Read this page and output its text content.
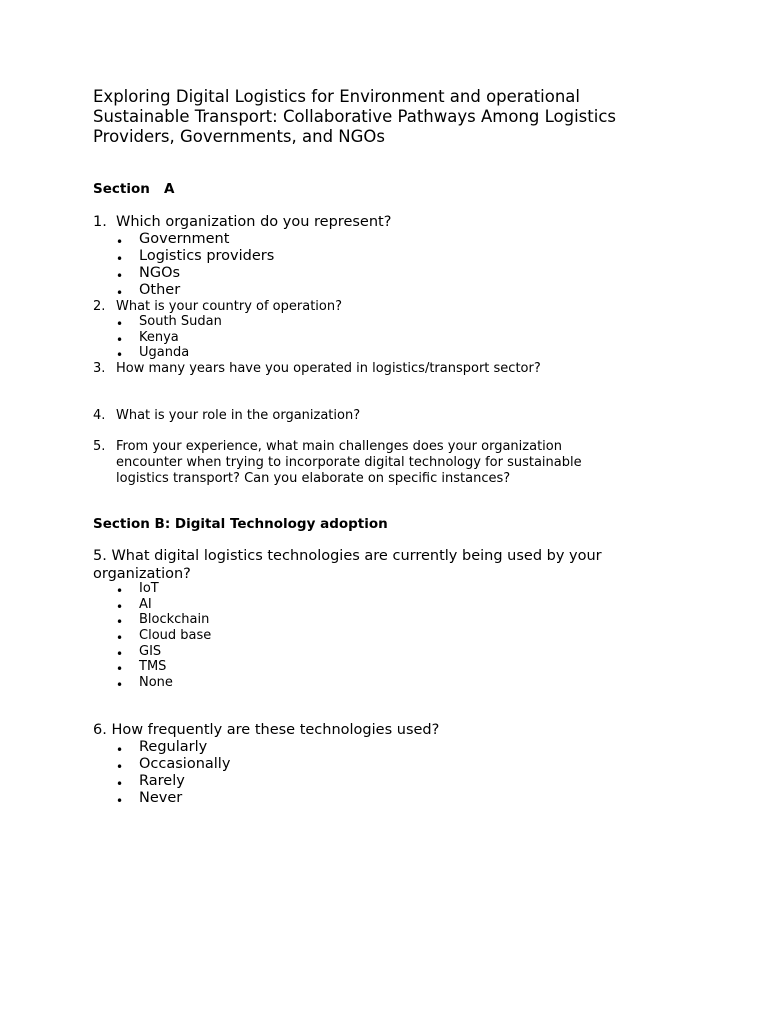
Exploring Digital Logistics for Environment and operational
Sustainable Transport: Collaborative Pathways Among Logistics
Providers, Governments, and NGOs
Section   A
1. Which organization do you represent?
• Government
• Logistics providers
• NGOs
• Other
2. What is your country of operation?
• South Sudan
• Kenya
• Uganda
3. How many years have you operated in logistics/transport sector?
4. What is your role in the organization?
5. From your experience, what main challenges does your organization
encounter when trying to incorporate digital technology for sustainable
logistics transport? Can you elaborate on specific instances?
Section B: Digital Technology adoption
5. What digital logistics technologies are currently being used by your
organization?
• IoT
• AI
• Blockchain
• Cloud base
• GIS
• TMS
• None
6. How frequently are these technologies used?
• Regularly
• Occasionally
• Rarely
• Never
